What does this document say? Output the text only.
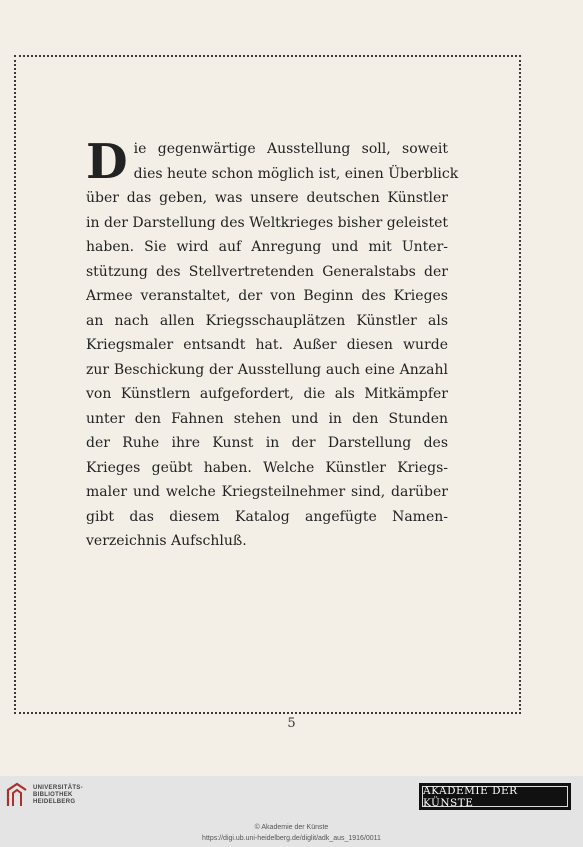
D ie gegenwärtige Ausstellung soll, soweit
dies heute schon möglich ist, einen Überblick
über das geben, was unsere deutschen Künstler
in der Darstellung des Weltkrieges bisher geleistet
haben. Sie wird auf Anregung und mit Unter-
stützung des Stellvertretenden Generalstabs der
Armee veranstaltet, der von Beginn des Krieges
an nach allen Kriegsschauplätzen Künstler als
Kriegsmaler entsandt hat. Außer diesen wurde
zur Beschickung der Ausstellung auch eine Anzahl
von Künstlern aufgefordert, die als Mitkämpfer
unter den Fahnen stehen und in den Stunden
der Ruhe ihre Kunst in der Darstellung des
Krieges geübt haben. Welche Künstler Kriegs-
maler und welche Kriegsteilnehmer sind, darüber
gibt das diesem Katalog angefügte Namen-
verzeichnis Aufschluß.
5
UNIVERSITÄTS-
BIBLIOTHEK
HEIDELBERG
AKADEMIE DER KÜNSTE
© Akademie der Künste
https://digi.ub.uni-heidelberg.de/diglit/adk_aus_1916/0011
